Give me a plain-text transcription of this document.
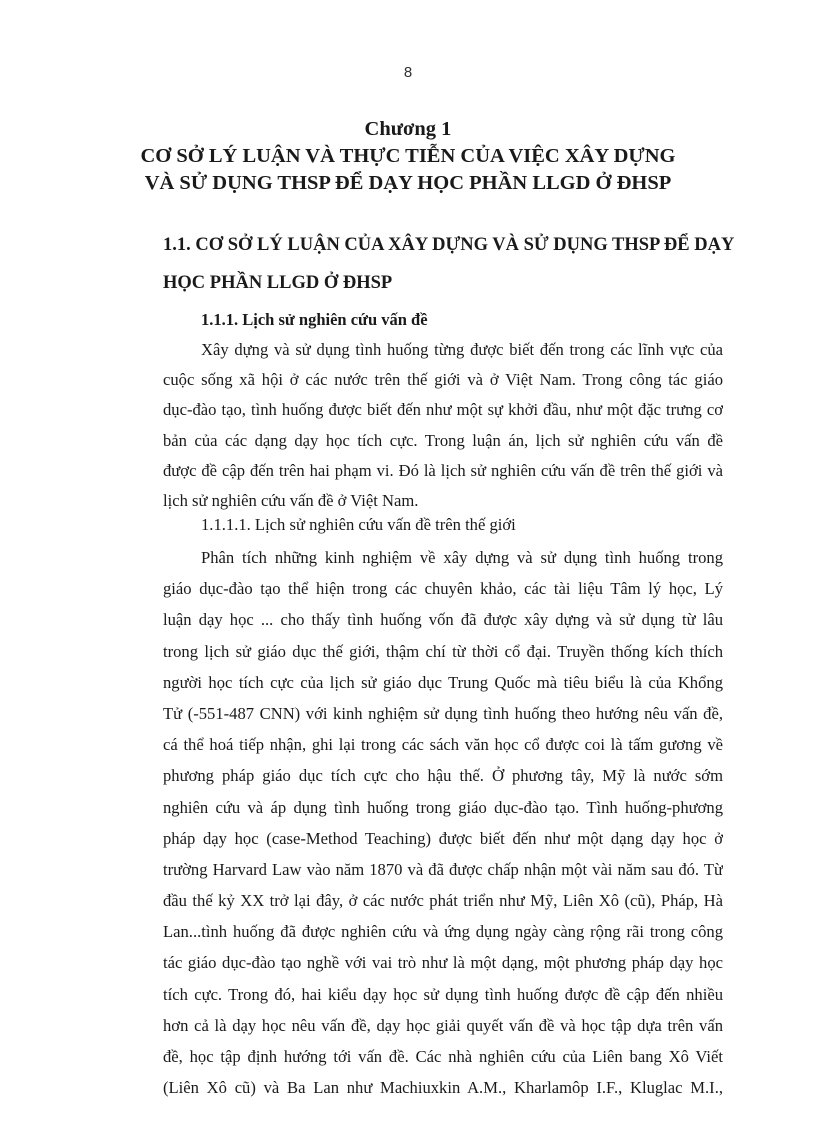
8
Chương 1
CƠ SỞ LÝ LUẬN VÀ THỰC TIỄN CỦA VIỆC XÂY DỰNG
VÀ SỬ DỤNG THSP ĐỂ DẠY HỌC PHẦN LLGD Ở ĐHSP
1.1. CƠ SỞ LÝ LUẬN CỦA XÂY DỰNG VÀ SỬ DỤNG THSP ĐỂ DẠY
HỌC PHẦN LLGD Ở ĐHSP
1.1.1. Lịch sử nghiên cứu vấn đề
Xây dựng và sử dụng tình huống từng được biết đến trong các lĩnh vực của
cuộc sống xã hội ở các nước trên thế giới và ở Việt Nam. Trong công tác giáo
dục-đào tạo, tình huống được biết đến như một sự khởi đầu, như một đặc trưng cơ
bản của các dạng dạy học tích cực. Trong luận án, lịch sử nghiên cứu vấn đề
được đề cập đến trên hai phạm vi. Đó là lịch sử nghiên cứu vấn đề trên thế giới và
lịch sử nghiên cứu vấn đề ở Việt Nam.
1.1.1.1. Lịch sử nghiên cứu vấn đề trên thế giới
Phân tích những kinh nghiệm về xây dựng và sử dụng tình huống trong
giáo dục-đào tạo thể hiện trong các chuyên khảo, các tài liệu Tâm lý học, Lý
luận dạy học ... cho thấy tình huống vốn đã được xây dựng và sử dụng từ lâu
trong lịch sử giáo dục thế giới, thậm chí từ thời cổ đại. Truyền thống kích thích
người học tích cực của lịch sử giáo dục Trung Quốc mà tiêu biểu là của Khổng
Tử (-551-487 CNN) với kinh nghiệm sử dụng tình huống theo hướng nêu vấn đề,
cá thể hoá tiếp nhận, ghi lại trong các sách văn học cổ được coi là tấm gương về
phương pháp giáo dục tích cực cho hậu thế. Ở phương tây, Mỹ là nước sớm
nghiên cứu và áp dụng tình huống trong giáo dục-đào tạo. Tình huống-phương
pháp dạy học (case-Method Teaching) được biết đến như một dạng dạy học ở
trường Harvard Law vào năm 1870 và đã được chấp nhận một vài năm sau đó. Từ
đầu thế kỷ XX trở lại đây, ở các nước phát triển như Mỹ, Liên Xô (cũ), Pháp, Hà
Lan...tình huống đã được nghiên cứu và ứng dụng ngày càng rộng rãi trong công
tác giáo dục-đào tạo nghề với vai trò như là một dạng, một phương pháp dạy học
tích cực. Trong đó, hai kiểu dạy học sử dụng tình huống được đề cập đến nhiều
hơn cả là dạy học nêu vấn đề, dạy học giải quyết vấn đề và học tập dựa trên vấn
đề, học tập định hướng tới vấn đề. Các nhà nghiên cứu của Liên bang Xô Viết
(Liên Xô cũ) và Ba Lan như Machiuxkin A.M., Kharlamôp I.F., Kluglac M.I.,
